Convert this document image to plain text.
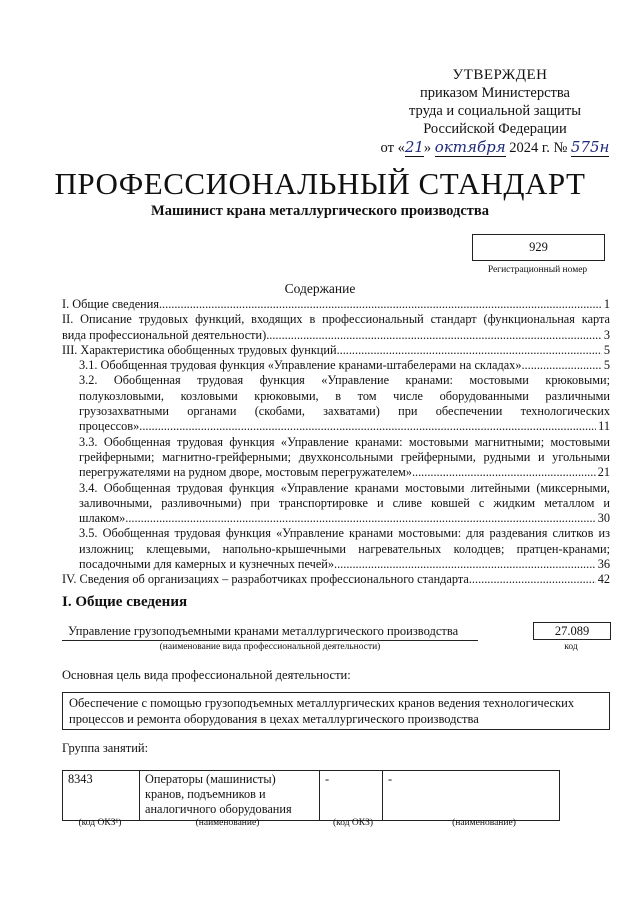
УТВЕРЖДЕН
приказом Министерства
труда и социальной защиты
Российской Федерации
от «21» октября 2024 г. № 575н
ПРОФЕССИОНАЛЬНЫЙ СТАНДАРТ
Машинист крана металлургического производства
929
Регистрационный номер
Содержание
I. Общие сведения .....	1
II. Описание трудовых функций, входящих в профессиональный стандарт (функциональная карта
вида профессиональной деятельности) .....	3
III. Характеристика обобщенных трудовых функций .....	5
3.1. Обобщенная трудовая функция «Управление кранами-штабелерами на складах» .....	5
3.2. Обобщенная трудовая функция «Управление кранами: мостовыми крюковыми;
полукозловыми, козловыми крюковыми, в том числе оборудованными различными
грузозахватными органами (скобами, захватами) при обеспечении технологических
процессов» .....	11
3.3. Обобщенная трудовая функция «Управление кранами: мостовыми магнитными; мостовыми
грейферными; магнитно-грейферными; двухконсольными грейферными, рудными и угольными
перегружателями на рудном дворе, мостовым перегружателем» .....	21
3.4. Обобщенная трудовая функция «Управление кранами мостовыми литейными (миксерными,
заливочными, разливочными) при транспортировке и сливе ковшей с жидким металлом и
шлаком» .....	30
3.5. Обобщенная трудовая функция «Управление кранами мостовыми: для раздевания слитков из
изложниц; клещевыми, напольно-крышечными нагревательных колодцев; пратцен-кранами;
посадочными для камерных и кузнечных печей» .....	36
IV. Сведения об организациях – разработчиках профессионального стандарта .....	42
I. Общие сведения
Управление грузоподъемными кранами металлургического производства
(наименование вида профессиональной деятельности)
27.089
код
Основная цель вида профессиональной деятельности:
Обеспечение с помощью грузоподъемных металлургических кранов ведения технологических процессов и ремонта оборудования в цехах металлургического производства
Группа занятий:
8343	Операторы (машинисты) кранов, подъемников и аналогичного оборудования	-	-
(код ОКЗ¹)	(наименование)	(код ОКЗ)	(наименование)
